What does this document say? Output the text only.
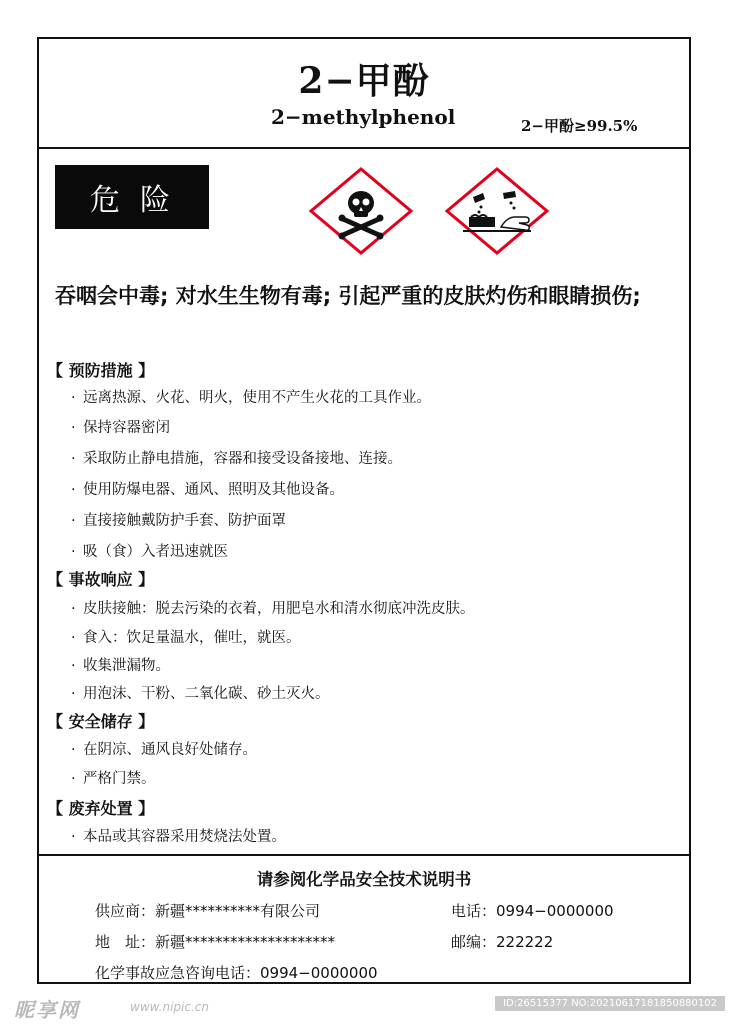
2−甲酚
2−methylphenol	2−甲酚≥99.5%
危险
吞咽会中毒; 对水生生物有毒; 引起严重的皮肤灼伤和眼睛损伤;
【 预防措施 】
· 远离热源、火花、明火，使用不产生火花的工具作业。
· 保持容器密闭
· 采取防止静电措施，容器和接受设备接地、连接。
· 使用防爆电器、通风、照明及其他设备。
· 直接接触戴防护手套、防护面罩
· 吸（食）入者迅速就医
【 事故响应 】
· 皮肤接触：脱去污染的衣着，用肥皂水和清水彻底冲洗皮肤。
· 食入：饮足量温水，催吐，就医。
· 收集泄漏物。
· 用泡沫、干粉、二氧化碳、砂土灭火。
【 安全储存 】
· 在阴凉、通风良好处储存。
· 严格门禁。
【 废弃处置 】
· 本品或其容器采用焚烧法处置。
请参阅化学品安全技术说明书
供应商：新疆**********有限公司	电话：0994−0000000
地　址：新疆********************	邮编：222222
化学事故应急咨询电话：0994−0000000
昵享网	www.nipic.cn	ID:26515377 NO:20210617181850880102
